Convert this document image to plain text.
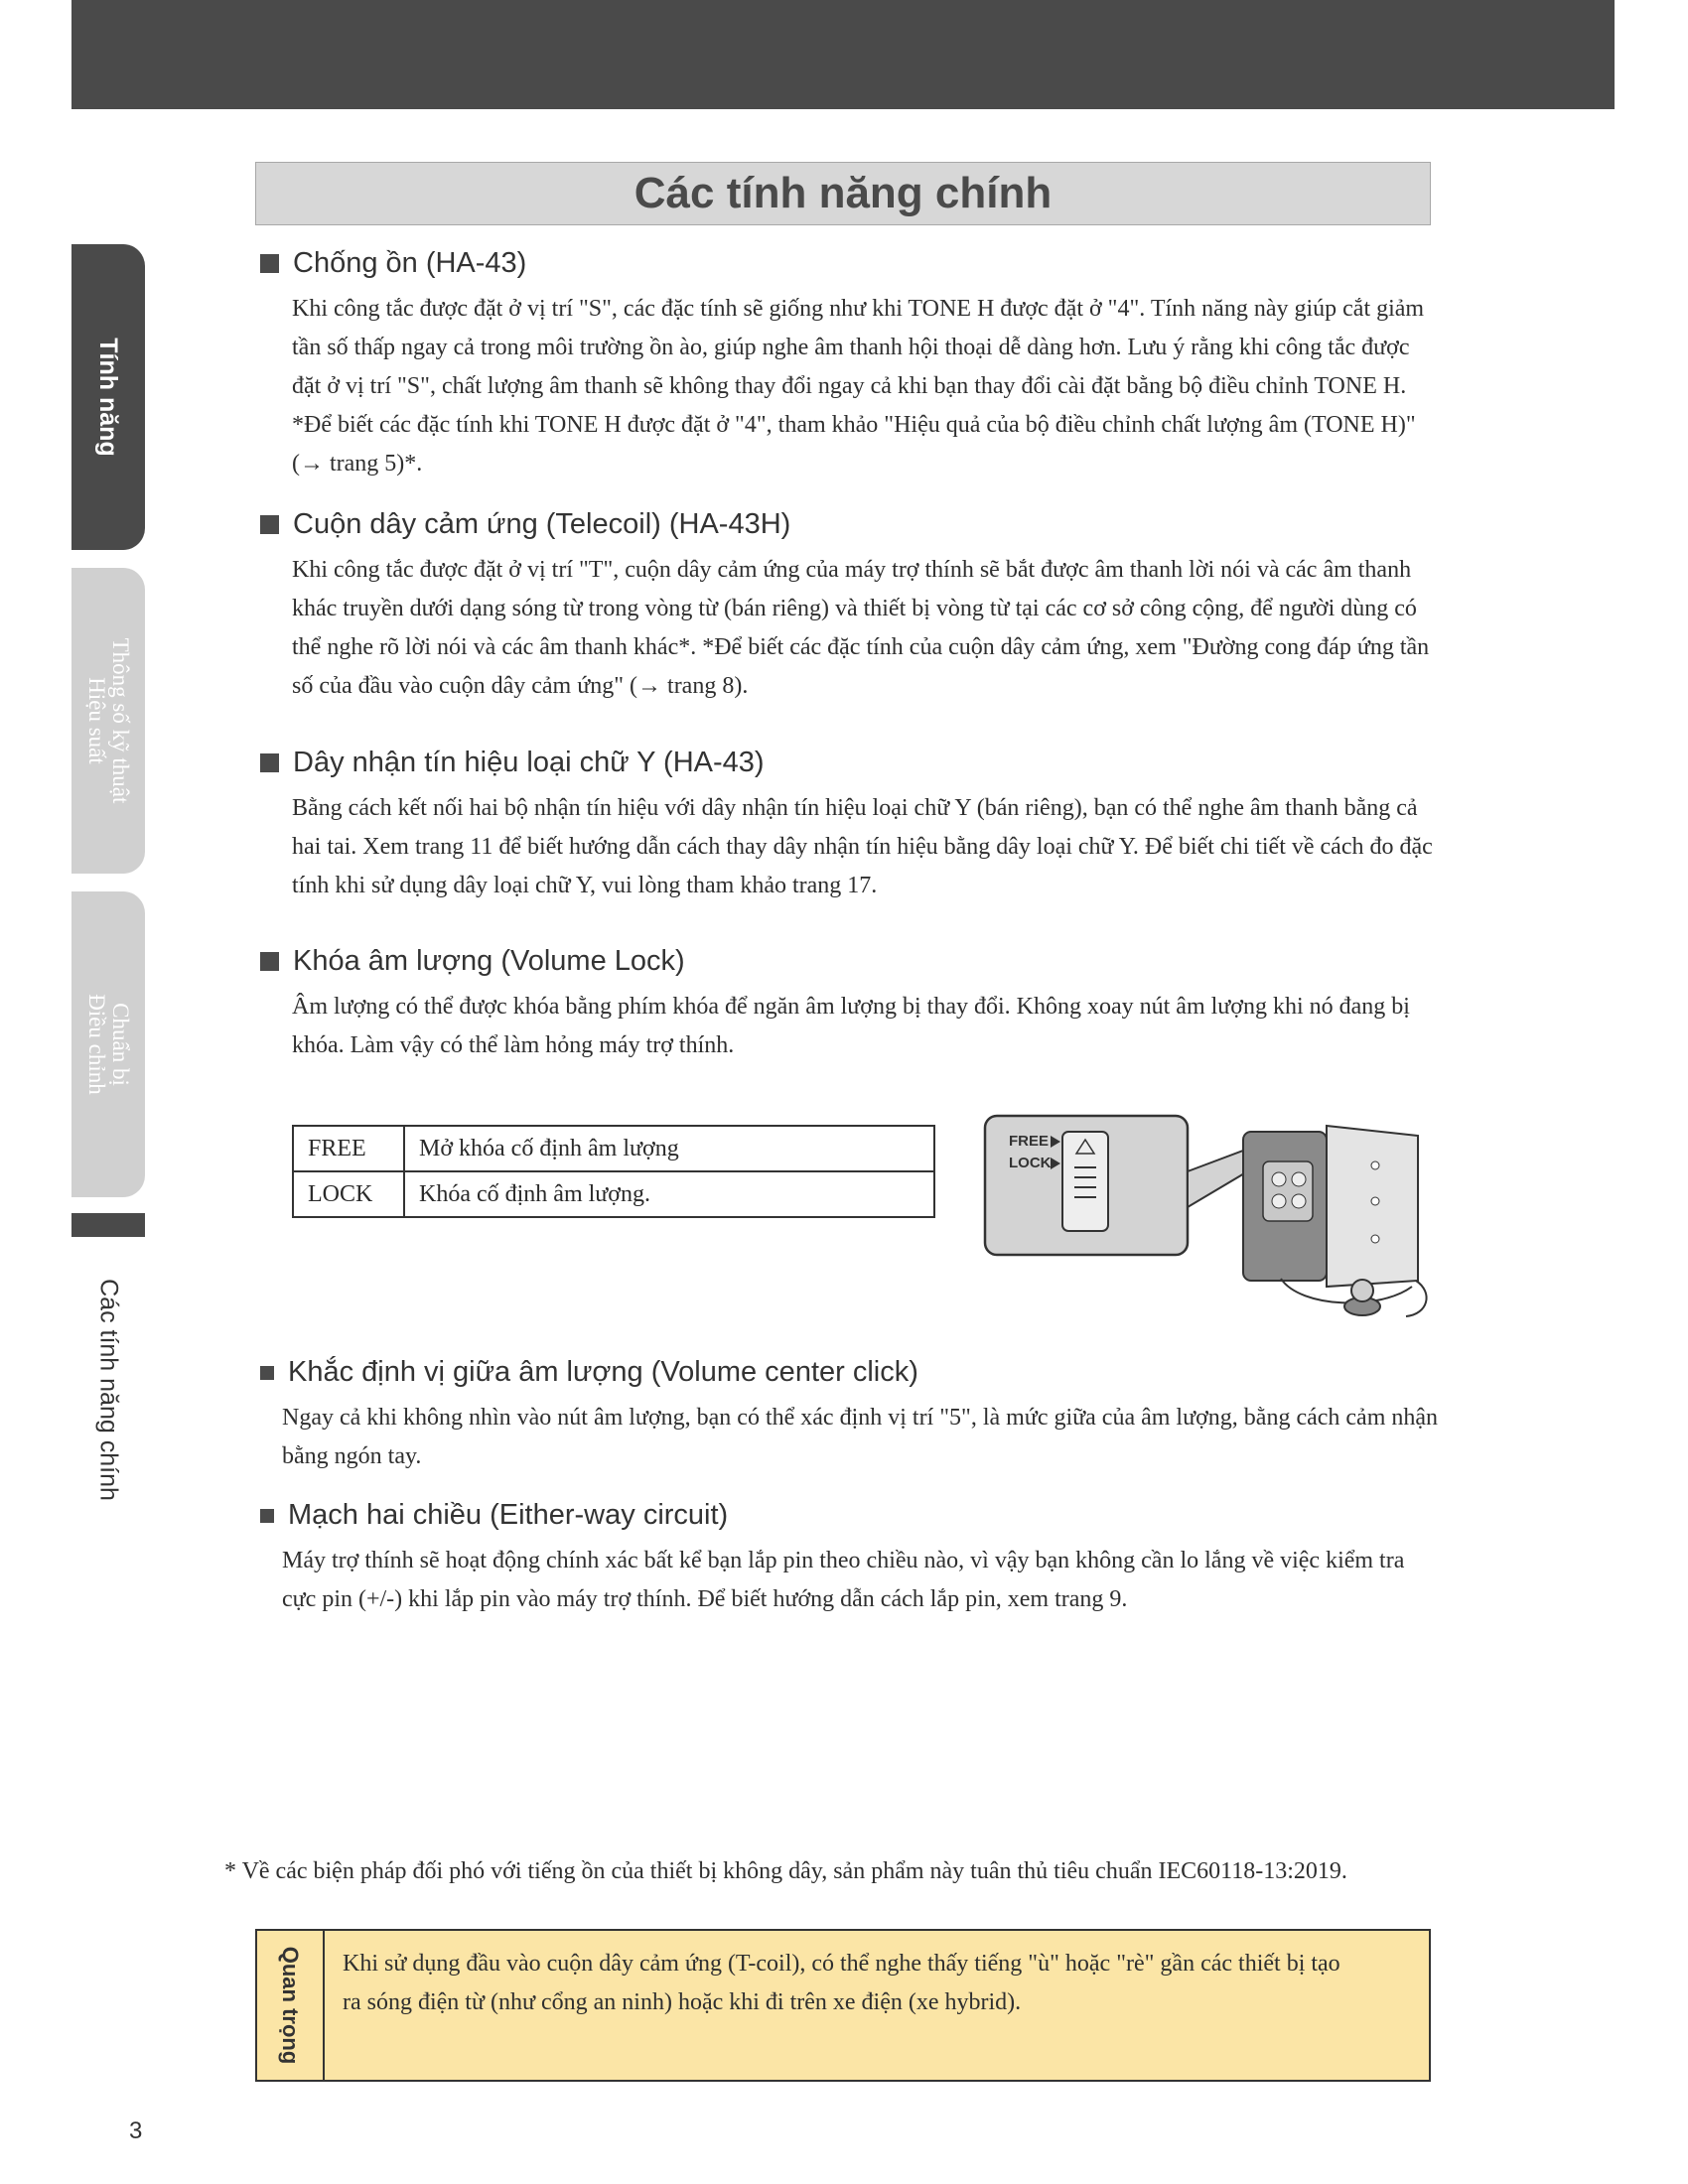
Tính năng
Thông số kỹ thuật
Hiệu suất
Chuẩn bị
Điều chỉnh
Các tính năng chính
Các tính năng chính
Chống ồn (HA-43)
Khi công tắc được đặt ở vị trí "S", các đặc tính sẽ giống như khi TONE H được đặt ở "4". Tính năng này giúp cắt giảm tần số thấp ngay cả trong môi trường ồn ào, giúp nghe âm thanh hội thoại dễ dàng hơn. Lưu ý rằng khi công tắc được đặt ở vị trí "S", chất lượng âm thanh sẽ không thay đổi ngay cả khi bạn thay đổi cài đặt bằng bộ điều chỉnh TONE H. *Để biết các đặc tính khi TONE H được đặt ở "4", tham khảo "Hiệu quả của bộ điều chỉnh chất lượng âm (TONE H)" (→ trang 5)*.
Cuộn dây cảm ứng (Telecoil) (HA-43H)
Khi công tắc được đặt ở vị trí "T", cuộn dây cảm ứng của máy trợ thính sẽ bắt được âm thanh lời nói và các âm thanh khác truyền dưới dạng sóng từ trong vòng từ (bán riêng) và thiết bị vòng từ tại các cơ sở công cộng, để người dùng có thể nghe rõ lời nói và các âm thanh khác*. *Để biết các đặc tính của cuộn dây cảm ứng, xem "Đường cong đáp ứng tần số của đầu vào cuộn dây cảm ứng" (→ trang 8).
Dây nhận tín hiệu loại chữ Y (HA-43)
Bằng cách kết nối hai bộ nhận tín hiệu với dây nhận tín hiệu loại chữ Y (bán riêng), bạn có thể nghe âm thanh bằng cả hai tai. Xem trang 11 để biết hướng dẫn cách thay dây nhận tín hiệu bằng dây loại chữ Y. Để biết chi tiết về cách đo đặc tính khi sử dụng dây loại chữ Y, vui lòng tham khảo trang 17.
Khóa âm lượng (Volume Lock)
Âm lượng có thể được khóa bằng phím khóa để ngăn âm lượng bị thay đổi. Không xoay nút âm lượng khi nó đang bị khóa. Làm vậy có thể làm hỏng máy trợ thính.
FREE	Mở khóa cố định âm lượng
LOCK	Khóa cố định âm lượng.
FREE
LOCK
Khắc định vị giữa âm lượng (Volume center click)
Ngay cả khi không nhìn vào nút âm lượng, bạn có thể xác định vị trí "5", là mức giữa của âm lượng, bằng cách cảm nhận bằng ngón tay.
Mạch hai chiều (Either-way circuit)
Máy trợ thính sẽ hoạt động chính xác bất kể bạn lắp pin theo chiều nào, vì vậy bạn không cần lo lắng về việc kiểm tra cực pin (+/-) khi lắp pin vào máy trợ thính. Để biết hướng dẫn cách lắp pin, xem trang 9.
* Về các biện pháp đối phó với tiếng ồn của thiết bị không dây, sản phẩm này tuân thủ tiêu chuẩn IEC60118-13:2019.
Quan trọng	Khi sử dụng đầu vào cuộn dây cảm ứng (T-coil), có thể nghe thấy tiếng "ù" hoặc "rè" gần các thiết bị tạo ra sóng điện từ (như cổng an ninh) hoặc khi đi trên xe điện (xe hybrid).
3
